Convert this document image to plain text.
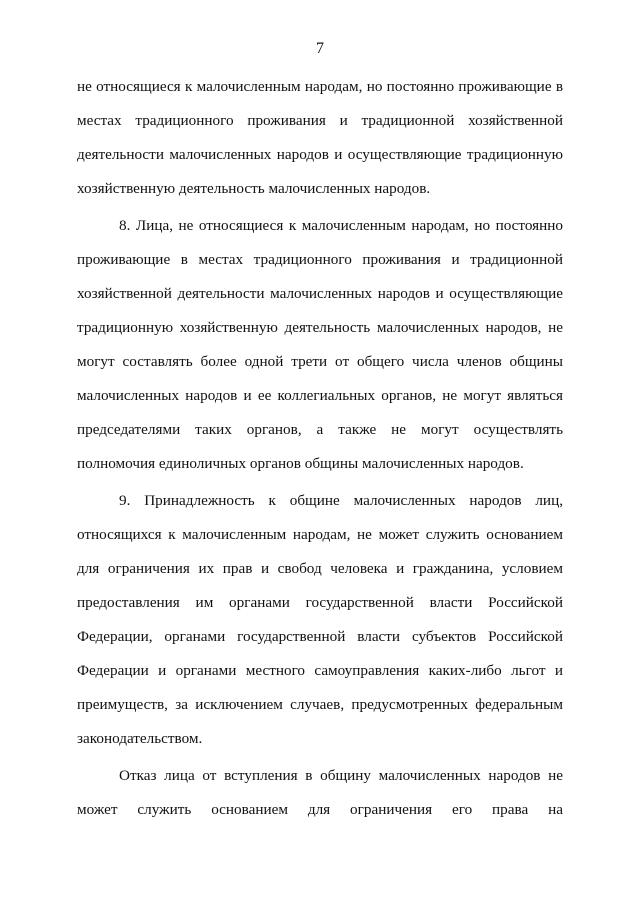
7

не относящиеся к малочисленным народам, но постоянно проживающие в местах традиционного проживания и традиционной хозяйственной деятельности малочисленных народов и осуществляющие традиционную хозяйственную деятельность малочисленных народов.

8. Лица, не относящиеся к малочисленным народам, но постоянно проживающие в местах традиционного проживания и традиционной хозяйственной деятельности малочисленных народов и осуществляющие традиционную хозяйственную деятельность малочисленных народов, не могут составлять более одной трети от общего числа членов общины малочисленных народов и ее коллегиальных органов, не могут являться председателями таких органов, а также не могут осуществлять полномочия единоличных органов общины малочисленных народов.

9. Принадлежность к общине малочисленных народов лиц, относящихся к малочисленным народам, не может служить основанием для ограничения их прав и свобод человека и гражданина, условием предоставления им органами государственной власти Российской Федерации, органами государственной власти субъектов Российской Федерации и органами местного самоуправления каких-либо льгот и преимуществ, за исключением случаев, предусмотренных федеральным законодательством.

Отказ лица от вступления в общину малочисленных народов не может служить основанием для ограничения его права на
